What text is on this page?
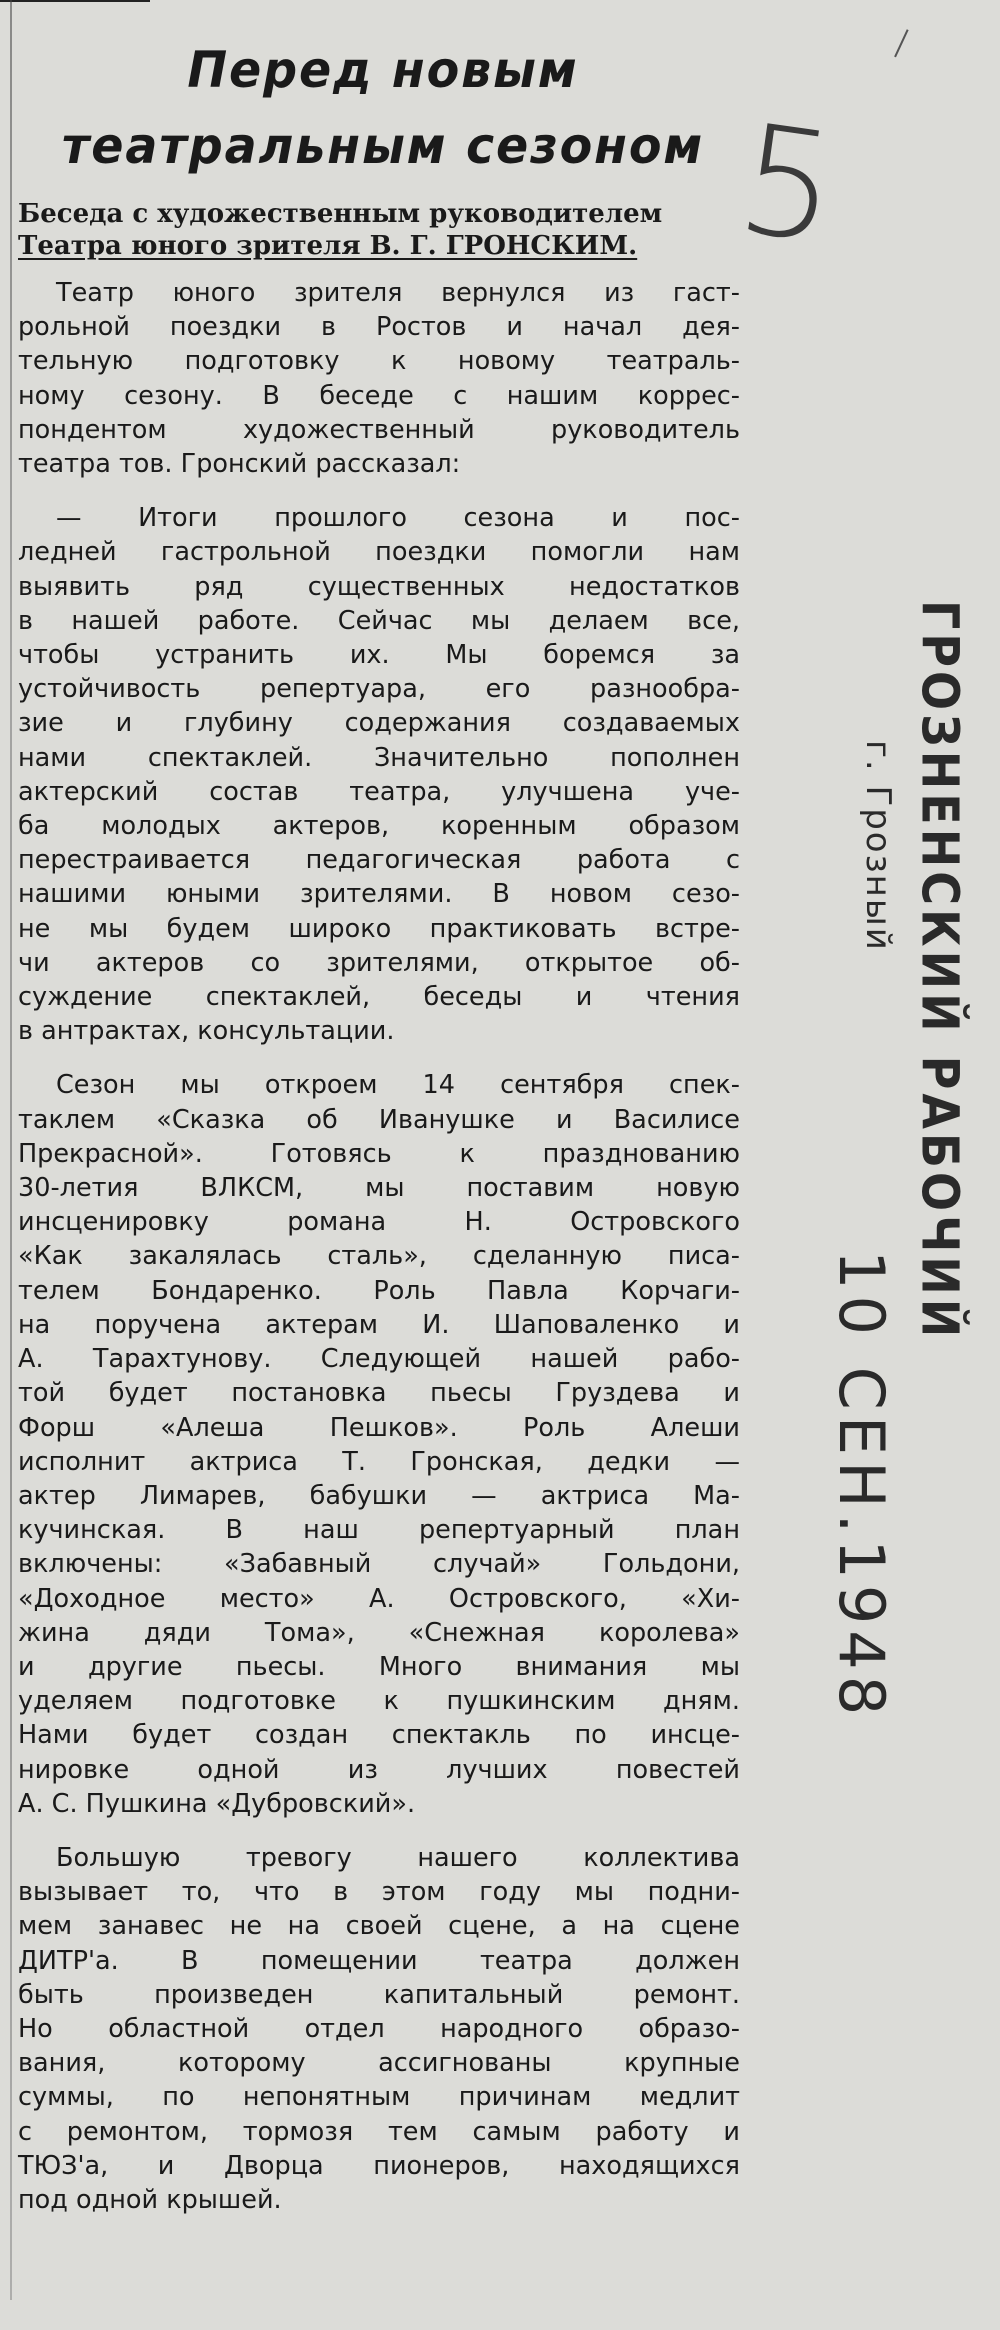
Перед новым
театральным сезоном
Беседа с художественным руководителем
Театра юного зрителя В. Г. ГРОНСКИМ.
Театр юного зрителя вернулся из гаст-
рольной поездки в Ростов и начал дея-
тельную подготовку к новому театраль-
ному сезону. В беседе с нашим коррес-
пондентом художественный руководитель
театра тов. Гронский рассказал:
— Итоги прошлого сезона и пос-
ледней гастрольной поездки помогли нам
выявить ряд существенных недостатков
в нашей работе. Сейчас мы делаем все,
чтобы устранить их. Мы боремся за
устойчивость репертуара, его разнообра-
зие и глубину содержания создаваемых
нами спектаклей. Значительно пополнен
актерский состав театра, улучшена уче-
ба молодых актеров, коренным образом
перестраивается педагогическая работа с
нашими юными зрителями. В новом сезо-
не мы будем широко практиковать встре-
чи актеров со зрителями, открытое об-
суждение спектаклей, беседы и чтения
в антрактах, консультации.
Сезон мы откроем 14 сентября спек-
таклем «Сказка об Иванушке и Василисе
Прекрасной». Готовясь к празднованию
30-летия ВЛКСМ, мы поставим новую
инсценировку романа Н. Островского
«Как закалялась сталь», сделанную писа-
телем Бондаренко. Роль Павла Корчаги-
на поручена актерам И. Шаповаленко и
А. Тарахтунову. Следующей нашей рабо-
той будет постановка пьесы Груздева и
Форш «Алеша Пешков». Роль Алеши
исполнит актриса Т. Гронская, дедки —
актер Лимарев, бабушки — актриса Ма-
кучинская. В наш репертуарный план
включены: «Забавный случай» Гольдони,
«Доходное место» А. Островского, «Хи-
жина дяди Тома», «Снежная королева»
и другие пьесы. Много внимания мы
уделяем подготовке к пушкинским дням.
Нами будет создан спектакль по инсце-
нировке одной из лучших повестей
А. С. Пушкина «Дубровский».
Большую тревогу нашего коллектива
вызывает то, что в этом году мы подни-
мем занавес не на своей сцене, а на сцене
ДИТР'а. В помещении театра должен
быть произведен капитальный ремонт.
Но областной отдел народного образо-
вания, которому ассигнованы крупные
суммы, по непонятным причинам медлит
с ремонтом, тормозя тем самым работу и
ТЮЗ'а, и Дворца пионеров, находящихся
под одной крышей.
5
ГРОЗНЕНСКИЙ РАБОЧИЙ
г. Грозный
10 СЕН.1948
